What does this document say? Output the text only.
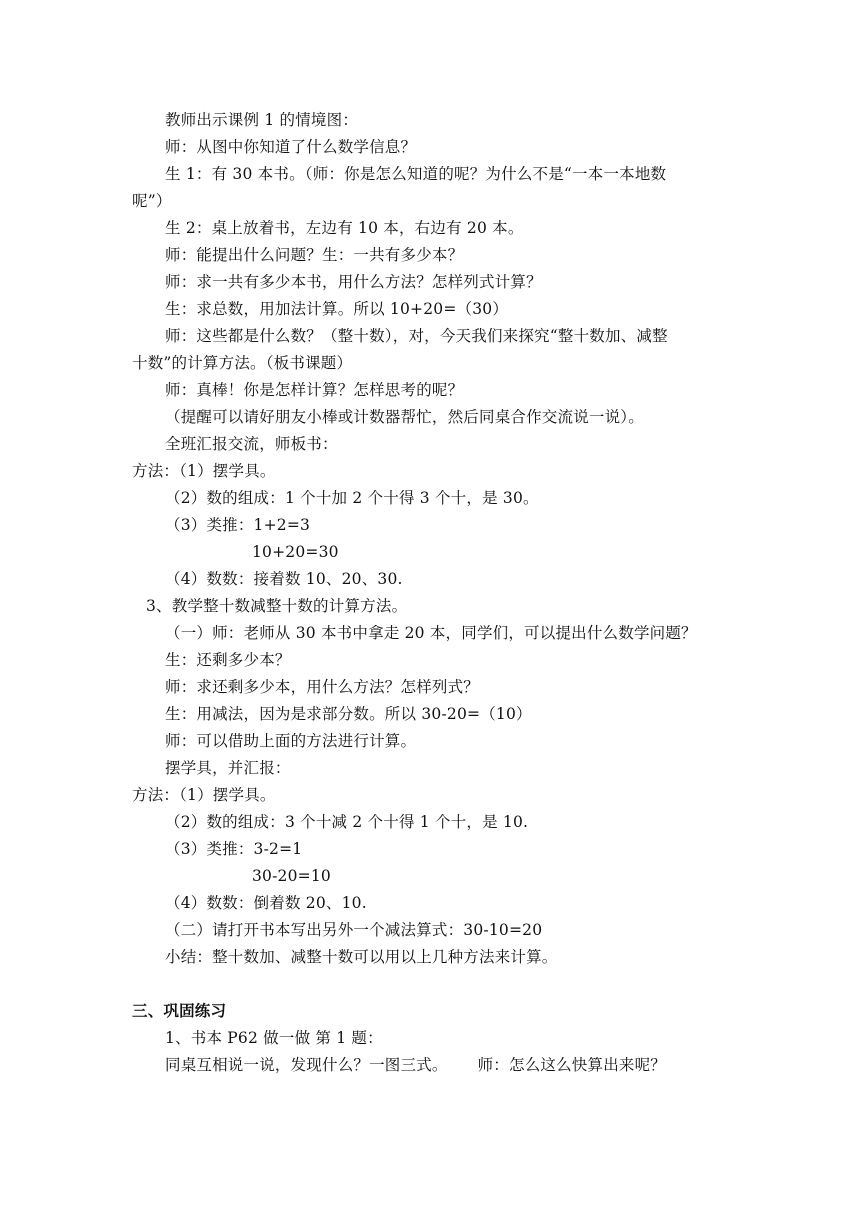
教师出示课例 1 的情境图：
师：从图中你知道了什么数学信息？
生 1：有 30 本书。（师：你是怎么知道的呢？为什么不是“一本一本地数
呢”）
生 2：桌上放着书，左边有 10 本，右边有 20 本。
师：能提出什么问题？生：一共有多少本？
师：求一共有多少本书，用什么方法？怎样列式计算？
生：求总数，用加法计算。所以 10+20=（30）
师：这些都是什么数？（整十数），对，今天我们来探究“整十数加、减整
十数”的计算方法。（板书课题）
师：真棒！你是怎样计算？怎样思考的呢？
（提醒可以请好朋友小棒或计数器帮忙，然后同桌合作交流说一说）。
全班汇报交流，师板书：
方法：（1）摆学具。
（2）数的组成：1 个十加 2 个十得 3 个十，是 30。
（3）类推：1+2=3
10+20=30
（4）数数：接着数 10、20、30.
3、教学整十数减整十数的计算方法。
（一）师：老师从 30 本书中拿走 20 本，同学们，可以提出什么数学问题？
生：还剩多少本？
师：求还剩多少本，用什么方法？怎样列式？
生：用减法，因为是求部分数。所以 30-20=（10）
师：可以借助上面的方法进行计算。
摆学具，并汇报：
方法：（1）摆学具。
（2）数的组成：3 个十减 2 个十得 1 个十，是 10.
（3）类推：3-2=1
30-20=10
（4）数数：倒着数 20、10.
（二）请打开书本写出另外一个减法算式：30-10=20
小结：整十数加、减整十数可以用以上几种方法来计算。
三、巩固练习
1、书本 P62 做一做 第 1 题：
同桌互相说一说，发现什么？一图三式。 师：怎么这么快算出来呢？
